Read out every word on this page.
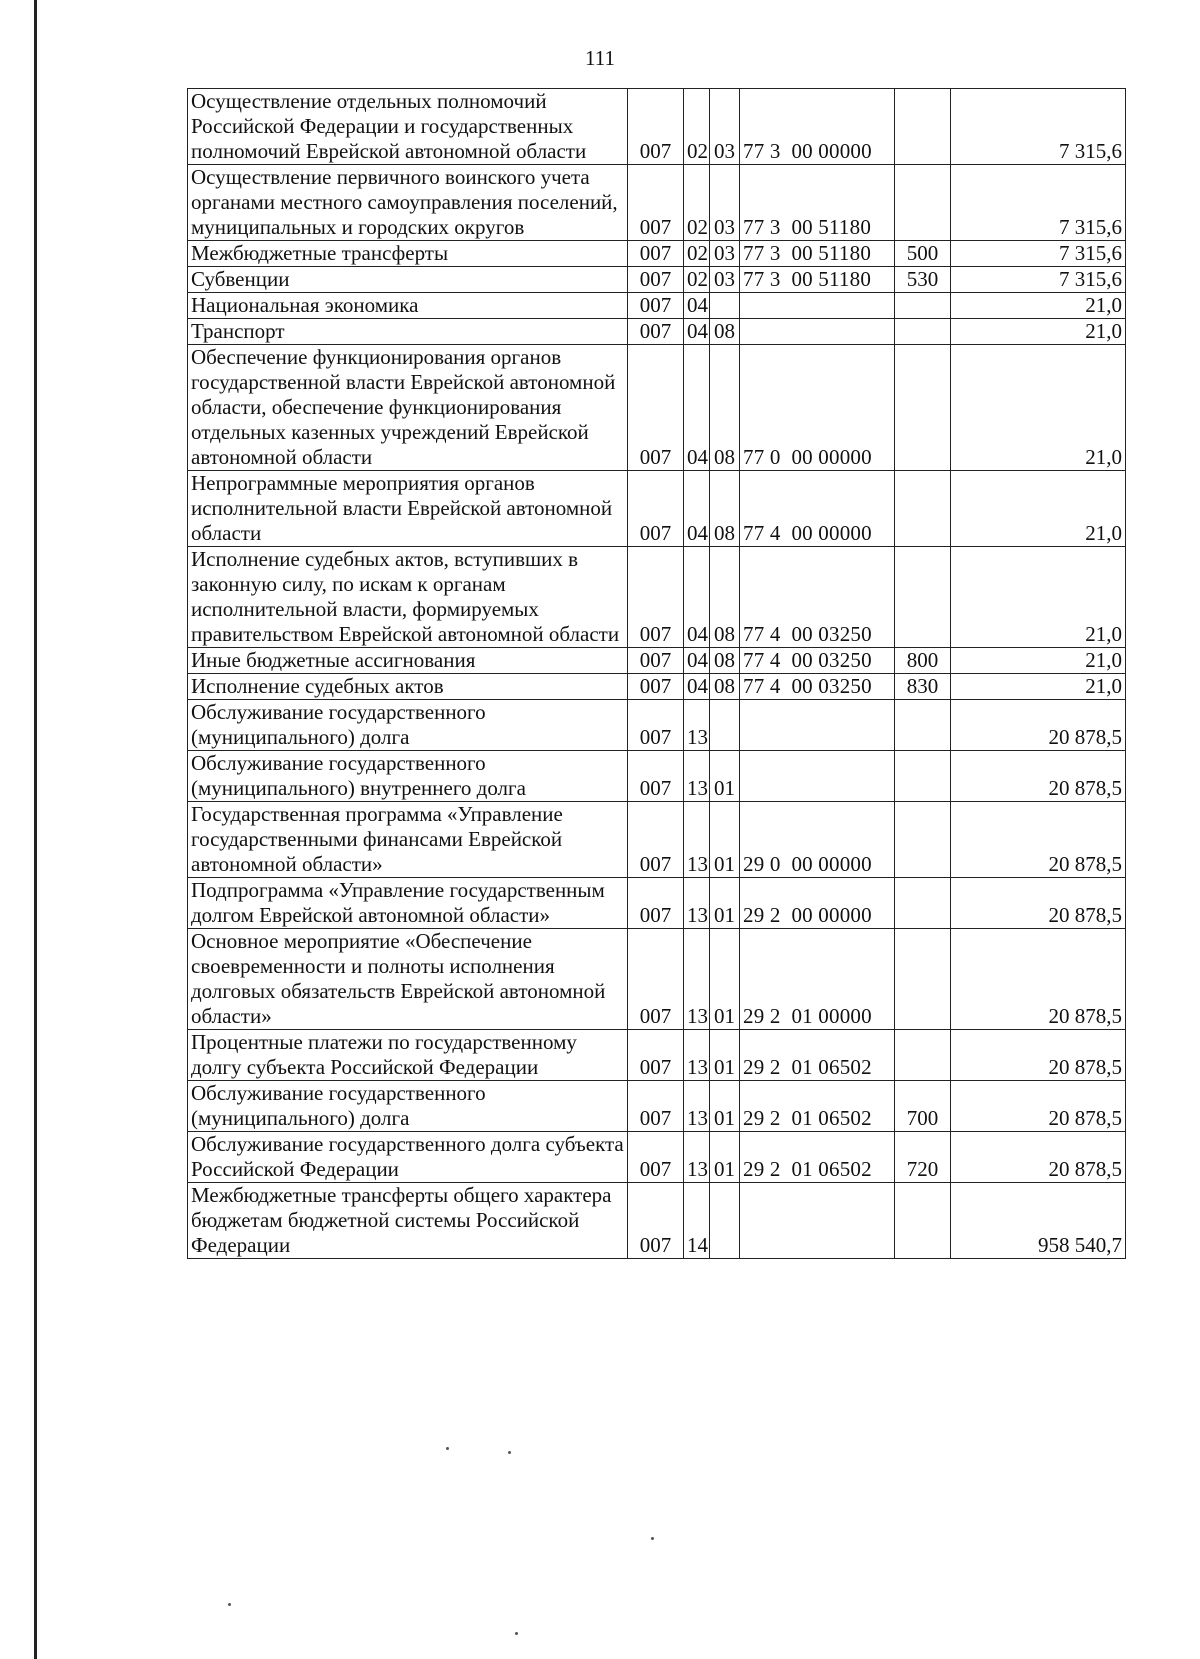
111
Осуществление отдельных полномочий Российской Федерации и государственных полномочий Еврейской автономной области	007	02	03	77 3  00 00000		7 315,6
Осуществление первичного воинского учета органами местного самоуправления поселений, муниципальных и городских округов	007	02	03	77 3  00 51180		7 315,6
Межбюджетные трансферты	007	02	03	77 3  00 51180	500	7 315,6
Субвенции	007	02	03	77 3  00 51180	530	7 315,6
Национальная экономика	007	04				21,0
Транспорт	007	04	08			21,0
Обеспечение функционирования органов государственной власти Еврейской автономной области, обеспечение функционирования отдельных казенных учреждений Еврейской автономной области	007	04	08	77 0  00 00000		21,0
Непрограммные мероприятия органов исполнительной власти Еврейской автономной области	007	04	08	77 4  00 00000		21,0
Исполнение судебных актов, вступивших в законную силу, по искам к органам исполнительной власти, формируемых правительством Еврейской автономной области	007	04	08	77 4  00 03250		21,0
Иные бюджетные ассигнования	007	04	08	77 4  00 03250	800	21,0
Исполнение судебных актов	007	04	08	77 4  00 03250	830	21,0
Обслуживание государственного (муниципального) долга	007	13				20 878,5
Обслуживание государственного (муниципального) внутреннего долга	007	13	01			20 878,5
Государственная программа «Управление государственными финансами Еврейской автономной области»	007	13	01	29 0  00 00000		20 878,5
Подпрограмма «Управление государственным долгом Еврейской автономной области»	007	13	01	29 2  00 00000		20 878,5
Основное мероприятие «Обеспечение своевременности и полноты исполнения долговых обязательств Еврейской автономной области»	007	13	01	29 2  01 00000		20 878,5
Процентные платежи по государственному долгу субъекта Российской Федерации	007	13	01	29 2  01 06502		20 878,5
Обслуживание государственного (муниципального) долга	007	13	01	29 2  01 06502	700	20 878,5
Обслуживание государственного долга субъекта Российской Федерации	007	13	01	29 2  01 06502	720	20 878,5
Межбюджетные трансферты общего характера бюджетам бюджетной системы Российской Федерации	007	14				958 540,7
